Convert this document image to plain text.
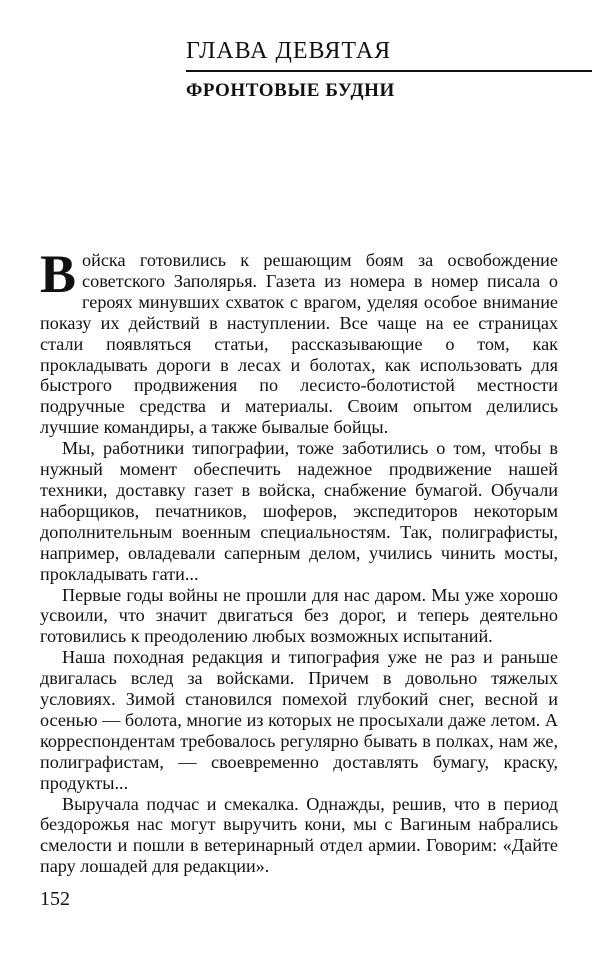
ГЛАВА ДЕВЯТАЯ
ФРОНТОВЫЕ БУДНИ

Войска готовились к решающим боям за освобождение советского Заполярья. Газета из номера в номер писала о героях минувших схваток с врагом, уделяя особое внимание показу их действий в наступлении. Все чаще на ее страницах стали появляться статьи, рассказывающие о том, как прокладывать дороги в лесах и болотах, как использовать для быстрого продвижения по лесисто-болотистой местности подручные средства и материалы. Своим опытом делились лучшие командиры, а также бывалые бойцы.

Мы, работники типографии, тоже заботились о том, чтобы в нужный момент обеспечить надежное продвижение нашей техники, доставку газет в войска, снабжение бумагой. Обучали наборщиков, печатников, шоферов, экспедиторов некоторым дополнительным военным специальностям. Так, полиграфисты, например, овладевали саперным делом, учились чинить мосты, прокладывать гати...

Первые годы войны не прошли для нас даром. Мы уже хорошо усвоили, что значит двигаться без дорог, и теперь деятельно готовились к преодолению любых возможных испытаний.

Наша походная редакция и типография уже не раз и раньше двигалась вслед за войсками. Причем в довольно тяжелых условиях. Зимой становился помехой глубокий снег, весной и осенью — болота, многие из которых не просыхали даже летом. А корреспондентам требовалось регулярно бывать в полках, нам же, полиграфистам, — своевременно доставлять бумагу, краску, продукты...

Выручала подчас и смекалка. Однажды, решив, что в период бездорожья нас могут выручить кони, мы с Вагиным набрались смелости и пошли в ветеринарный отдел армии. Говорим: «Дайте пару лошадей для редакции».

152
